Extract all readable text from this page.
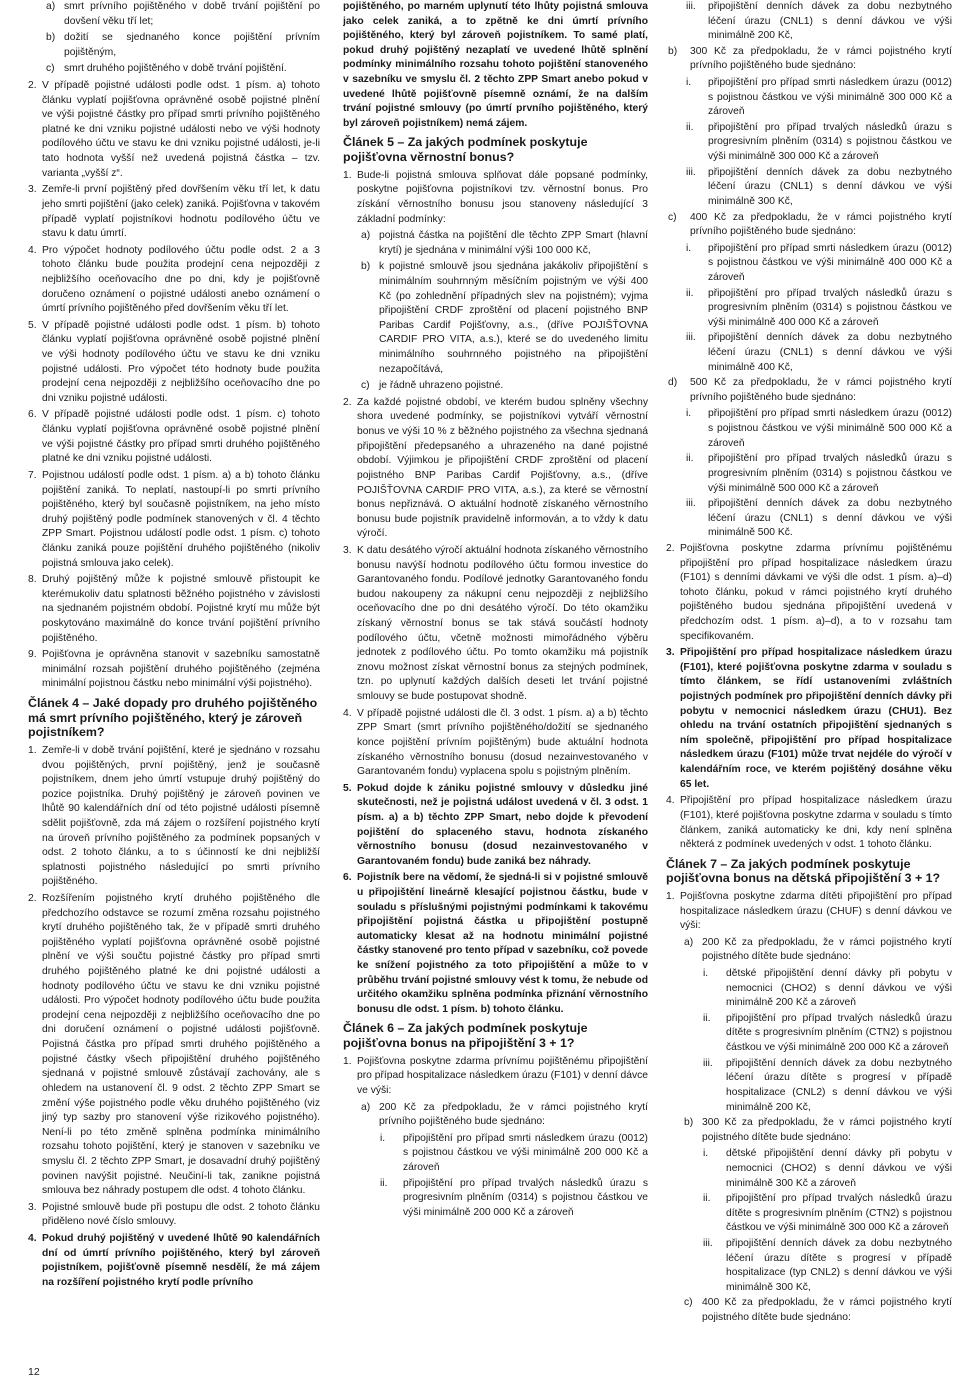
a) smrt prívního pojištěného v době trvání pojištění po dovšení věku tří let;
b) dožití se sjednaného konce pojištění prívním pojištěným,
c) smrt druhého pojištěného v době trvání pojištění.
2. V případě pojistné události podle odst. 1 písm. a) tohoto článku vyplatí pojišťovna oprávněné osobě pojistné plnění ve výši pojistné částky pro případ smrti prívního pojištěného platné ke dni vzniku pojistné události nebo ve výši hodnoty podílového účtu ve stavu ke dni vzniku pojistné události, je-li tato hodnota vyšší než uvedená pojistná částka – tzv. varianta „vyšší z“.
3. Zemře-li první pojištěný před dovřšením věku tří let, k datu jeho smrti pojištění (jako celek) zaniká. Pojišťovna v takovém případě vyplatí pojistníkovi hodnotu podílového účtu ve stavu k datu úmrtí.
4. Pro výpočet hodnoty podílového účtu podle odst. 2 a 3 tohoto článku bude použita prodejní cena nejpozději z nejbližšího oceňovacího dne po dni, kdy je pojišťovně doručeno oznámení o pojistné události anebo oznámení o úmrtí prívního pojištěného před dovřšením věku tří let.
5. V případě pojistné události podle odst. 1 písm. b) tohoto článku vyplatí pojišťovna oprávněné osobě pojistné plnění ve výši hodnoty podílového účtu ve stavu ke dni vzniku pojistné události. Pro výpočet této hodnoty bude použita prodejní cena nejpozději z nejbližšího oceňovacího dne po dni vzniku pojistné události.
6. V případě pojistné události podle odst. 1 písm. c) tohoto článku vyplatí pojišťovna oprávněné osobě pojistné plnění ve výši pojistné částky pro případ smrti druhého pojištěného platné ke dni vzniku pojistné události.
7. Pojistnou událostí podle odst. 1 písm. a) a b) tohoto článku pojištění zaniká. To neplatí, nastoupí-li po smrti prívního pojištěného, který byl současně pojistníkem, na jeho místo druhý pojištěný podle podmínek stanovených v čl. 4 těchto ZPP Smart. Pojistnou událostí podle odst. 1 písm. c) tohoto článku zaniká pouze pojištění druhého pojištěného (nikoliv pojistná smlouva jako celek).
8. Druhý pojištěný může k pojistné smlouvě přistoupit ke kterémukoliv datu splatnosti běžného pojistného v závislosti na sjednaném pojistném období. Pojistné krytí mu může být poskytováno maximálně do konce trvání pojištění prívního pojištěného.
9. Pojišťovna je oprávněna stanovit v sazebníku samostatně minimální rozsah pojištění druhého pojištěného (zejména minimální pojistnou částku nebo minimální výši pojistného).
Článek 4 – Jaké dopady pro druhého pojištěného má smrt prívního pojištěného, který je zároveň pojistníkem?
1. Zemře-li v době trvání pojištění, které je sjednáno v rozsahu dvou pojištěných, první pojištěný, jenž je současně pojistníkem, dnem jeho úmrtí vstupuje druhý pojištěný do pozice pojistníka. Druhý pojištěný je zároveň povinen ve lhůtě 90 kalendářních dní od této pojistné události písemně sdělit pojišťovně, zda má zájem o rozšíření pojistného krytí na úroveň prívního pojištěného za podmínek popsaných v odst. 2 tohoto článku, a to s účinností ke dni nejbližší splatnosti pojistného následující po smrti prívního pojištěného.
2. Rozšířením pojistného krytí druhého pojištěného dle předchozího odstavce se rozumí změna rozsahu pojistného krytí druhého pojištěného tak, že v případě smrti druhého pojištěného vyplatí pojišťovna oprávněné osobě pojistné plnění ve výši součtu pojistné částky pro případ smrti druhého pojištěného platné ke dni pojistné události a hodnoty podílového účtu ve stavu ke dni vzniku pojistné události. Pro výpočet hodnoty podílového účtu bude použita prodejní cena nejpozději z nejbližšího oceňovacího dne po dni doručení oznámení o pojistné události pojišťovně. Pojistná částka pro případ smrti druhého pojištěného a pojistné částky všech připojištění druhého pojištěného sjednaná v pojistné smlouvě zůstávají zachovány, ale s ohledem na ustanovení čl. 9 odst. 2 těchto ZPP Smart se změní výše pojistného podle věku druhého pojištěného (viz jiný typ sazby pro stanovení výše rizikového pojistného). Není-li po této změně splněna podmínka minimálního rozsahu tohoto pojištění, který je stanoven v sazebníku ve smyslu čl. 2 těchto ZPP Smart, je dosavadní druhý pojištěný povinen navýšit pojistné. Neučiní-li tak, zanikne pojistná smlouva bez náhrady postupem dle odst. 4 tohoto článku.
3. Pojistné smlouvě bude při postupu dle odst. 2 tohoto článku přiděleno nové číslo smlouvy.
4. Pokud druhý pojištěný v uvedené lhůtě 90 kalendářních dní od úmrtí prívního pojištěného, který byl zároveň pojistníkem, pojišťovně písemně nesdělí, že má zájem na rozšíření pojistného krytí podle prívního
pojištěného, po marném uplynutí této lhůty pojistná smlouva jako celek zaniká, a to zpětně ke dni úmrtí prívního pojištěného, který byl zároveň pojistníkem. To samé platí, pokud druhý pojištěný nezaplatí ve uvedené lhůtě splnění podmínky minimálního rozsahu tohoto pojištění stanoveného v sazebníku ve smyslu čl. 2 těchto ZPP Smart anebo pokud v uvedené lhůtě pojišťovně písemně oznámí, že na dalším trvání pojistné smlouvy (po úmrtí prvního pojištěného, který byl zároveň pojistníkem) nemá zájem.
Článek 5 – Za jakých podmínek poskytuje pojišťovna věrnostní bonus?
1. Bude-li pojistná smlouva splňovat dále popsané podmínky, poskytne pojišťovna pojistníkovi tzv. věrnostní bonus. Pro získání věrnostního bonusu jsou stanoveny následující 3 základní podmínky:
a) pojistná částka na pojištění dle těchto ZPP Smart (hlavní krytí) je sjednána v minimální výši 100 000 Kč,
b) k pojistné smlouvě jsou sjednána jakákoliv připojištění s minimálním souhrnným měsíčním pojistným ve výši 400 Kč (po zohlednění případných slev na pojistném); vyjma připojištění CRDF zproštění od placení pojistného BNP Paribas Cardif Pojišťovny, a.s., (dříve POJIŠŤOVNA CARDIF PRO VITA, a.s.), které se do uvedeného limitu minimálního souhrnného pojistného na připojištění nezapočítává,
c) je řádně uhrazeno pojistné.
2. Za každé pojistné období, ve kterém budou splněny všechny shora uvedené podmínky, se pojistníkovi vytváří věrnostní bonus ve výši 10 % z běžného pojistného za všechna sjednaná připojištění předepsaného a uhrazeného na dané pojistné období. Výjimkou je připojištění CRDF zproštění od placení pojistného BNP Paribas Cardif Pojišťovny, a.s., (dříve POJIŠŤOVNA CARDIF PRO VITA, a.s.), za které se věrnostní bonus nepřiznává. O aktuální hodnotě získaného věrnostního bonusu bude pojistník pravidelně informován, a to vždy k datu výročí.
3. K datu desátého výročí aktuální hodnota získaného věrnostního bonusu navýší hodnotu podílového účtu formou investice do Garantovaného fondu. Podílové jednotky Garantovaného fondu budou nakoupeny za nákupní cenu nejpozději z nejbližšího oceňovacího dne po dni desátého výročí. Do této okamžiku získaný věrnostní bonus se tak stává součástí hodnoty podílového účtu, včetně možnosti mimořádného výběru jednotek z podílového účtu. Po tomto okamžiku má pojistník znovu možnost získat věrnostní bonus za stejných podmínek, tzn. po uplynutí každých dalších deseti let trvání pojistné smlouvy se bude postupovat shodně.
4. V případě pojistné události dle čl. 3 odst. 1 písm. a) a b) těchto ZPP Smart (smrt prívního pojištěného/dožití se sjednaného konce pojištění prívním pojištěným) bude aktuální hodnota získaného věrnostního bonusu (dosud nezainvestovaného v Garantovaném fondu) vyplacena spolu s pojistným plněním.
5. Pokud dojde k zániku pojistné smlouvy v důsledku jiné skutečnosti, než je pojistná událost uvedená v čl. 3 odst. 1 písm. a) a b) těchto ZPP Smart, nebo dojde k převodení pojištění do splaceného stavu, hodnota získaného věrnostního bonusu (dosud nezainvestovaného v Garantovaném fondu) bude zaniká bez náhrady.
6. Pojistník bere na vědomí, že sjedná-li si v pojistné smlouvě u připojištění lineárně klesající pojistnou částku, bude v souladu s příslušnými pojistnými podmínkami k takovému připojištění pojistná částka u připojištění postupně automaticky klesat až na hodnotu minimální pojistné částky stanovené pro tento případ v sazebníku, což povede ke snížení pojistného za toto připojištění a může to v průběhu trvání pojistné smlouvy vést k tomu, že nebude od určitého okamžiku splněna podmínka přiznání věrnostního bonusu dle odst. 1 písm. b) tohoto článku.
Článek 6 – Za jakých podmínek poskytuje pojišťovna bonus na připojištění 3 + 1?
1. Pojišťovna poskytne zdarma prívnímu pojištěnému připojištění pro případ hospitalizace následkem úrazu (F101) v denní dávce ve výši:
a) 200 Kč za předpokladu, že v rámci pojistného krytí prívního pojištěného bude sjednáno:
i. připojištění pro případ smrti následkem úrazu (0012) s pojistnou částkou ve výši minimálně 200 000 Kč a zároveň
ii. připojištění pro případ trvalých následků úrazu s progresivním plněním (0314) s pojistnou částkou ve výši minimálně 200 000 Kč a zároveň
iii. připojištění denních dávek za dobu nezbytného léčení úrazu (CNL1) s denní dávkou ve výši minimálně 200 Kč,
b) 300 Kč za předpokladu, že v rámci pojistného krytí prívního pojištěného bude sjednáno:
i. připojištění pro případ smrti následkem úrazu (0012) s pojistnou částkou ve výši minimálně 300 000 Kč a zároveň
ii. připojištění pro případ trvalých následků úrazu s progresivním plněním (0314) s pojistnou částkou ve výši minimálně 300 000 Kč a zároveň
iii. připojištění denních dávek za dobu nezbytného léčení úrazu (CNL1) s denní dávkou ve výši minimálně 300 Kč,
c) 400 Kč za předpokladu, že v rámci pojistného krytí prívního pojištěného bude sjednáno:
i. připojištění pro případ smrti následkem úrazu (0012) s pojistnou částkou ve výši minimálně 400 000 Kč a zároveň
ii. připojištění pro případ trvalých následků úrazu s progresivním plněním (0314) s pojistnou částkou ve výši minimálně 400 000 Kč a zároveň
iii. připojištění denních dávek za dobu nezbytného léčení úrazu (CNL1) s denní dávkou ve výši minimálně 400 Kč,
d) 500 Kč za předpokladu, že v rámci pojistného krytí prívního pojištěného bude sjednáno:
i. připojištění pro případ smrti následkem úrazu (0012) s pojistnou částkou ve výši minimálně 500 000 Kč a zároveň
ii. připojištění pro případ trvalých následků úrazu s progresivním plněním (0314) s pojistnou částkou ve výši minimálně 500 000 Kč a zároveň
iii. připojištění denních dávek za dobu nezbytného léčení úrazu (CNL1) s denní dávkou ve výši minimálně 500 Kč.
2. Pojišťovna poskytne zdarma prívnímu pojištěnému připojištění pro případ hospitalizace následkem úrazu (F101) s denními dávkami ve výši dle odst. 1 písm. a)–d) tohoto článku, pokud v rámci pojistného krytí druhého pojištěného budou sjednána připojištění uvedená v předchozím odst. 1 písm. a)–d), a to v rozsahu tam specifikovaném.
3. Připojištění pro případ hospitalizace následkem úrazu (F101), které pojišťovna poskytne zdarma v souladu s tímto článkem, se řídí ustanoveními zvláštních pojistných podmínek pro připojištění denních dávky při pobytu v nemocnici následkem úrazu (CHU1). Bez ohledu na trvání ostatních připojištění sjednaných s ním společně, připojištění pro případ hospitalizace následkem úrazu (F101) může trvat nejdéle do výročí v kalendářním roce, ve kterém pojištěný dosáhne věku 65 let.
4. Připojištění pro případ hospitalizace následkem úrazu (F101), které pojišťovna poskytne zdarma v souladu s tímto článkem, zaniká automaticky ke dni, kdy není splněna některá z podmínek uvedených v odst. 1 tohoto článku.
Článek 7 – Za jakých podmínek poskytuje pojišťovna bonus na dětská připojištění 3 + 1?
1. Pojišťovna poskytne zdarma dítěti připojištění pro případ hospitalizace následkem úrazu (CHUF) s denní dávkou ve výši:
a) 200 Kč za předpokladu, že v rámci pojistného krytí pojistného dítěte bude sjednáno:
i. dětské připojištění denní dávky při pobytu v nemocnici (CHO2) s denní dávkou ve výši minimálně 200 Kč a zároveň
ii. připojištění pro případ trvalých následků úrazu dítěte s progresivním plněním (CTN2) s pojistnou částkou ve výši minimálně 200 000 Kč a zároveň
iii. připojištění denních dávek za dobu nezbytného léčení úrazu dítěte s progresí v případě hospitalizace (CNL2) s denní dávkou ve výši minimálně 200 Kč,
b) 300 Kč za předpokladu, že v rámci pojistného krytí pojistného dítěte bude sjednáno:
i. dětské připojištění denní dávky při pobytu v nemocnici (CHO2) s denní dávkou ve výši minimálně 300 Kč a zároveň
ii. připojištění pro případ trvalých následků úrazu dítěte s progresivním plněním (CTN2) s pojistnou částkou ve výši minimálně 300 000 Kč a zároveň
iii. připojištění denních dávek za dobu nezbytného léčení úrazu dítěte s progresí v případě hospitalizace (typ CNL2) s denní dávkou ve výši minimálně 300 Kč,
c) 400 Kč za předpokladu, že v rámci pojistného krytí pojistného dítěte bude sjednáno:
12
